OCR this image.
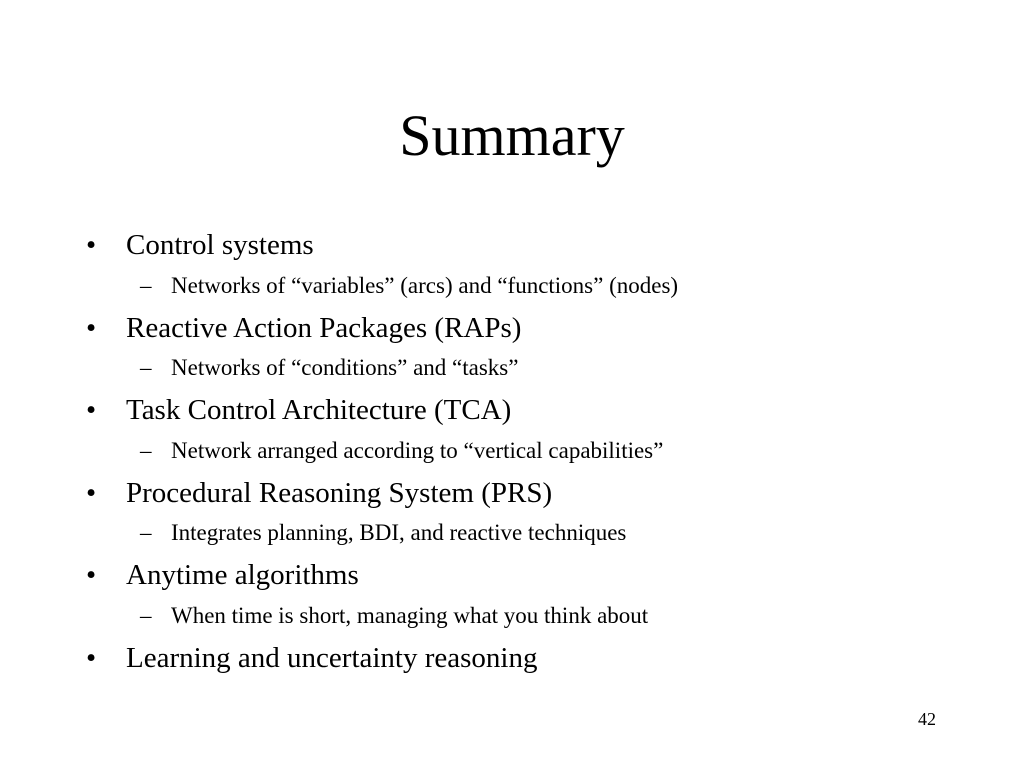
Summary
•	Control systems
– Networks of “variables” (arcs) and “functions” (nodes)
•	Reactive Action Packages (RAPs)
– Networks of “conditions” and “tasks”
•	Task Control Architecture (TCA)
– Network arranged according to “vertical capabilities”
•	Procedural Reasoning System (PRS)
– Integrates planning, BDI, and reactive techniques
•	Anytime algorithms
– When time is short, managing what you think about
•	Learning and uncertainty reasoning
42
